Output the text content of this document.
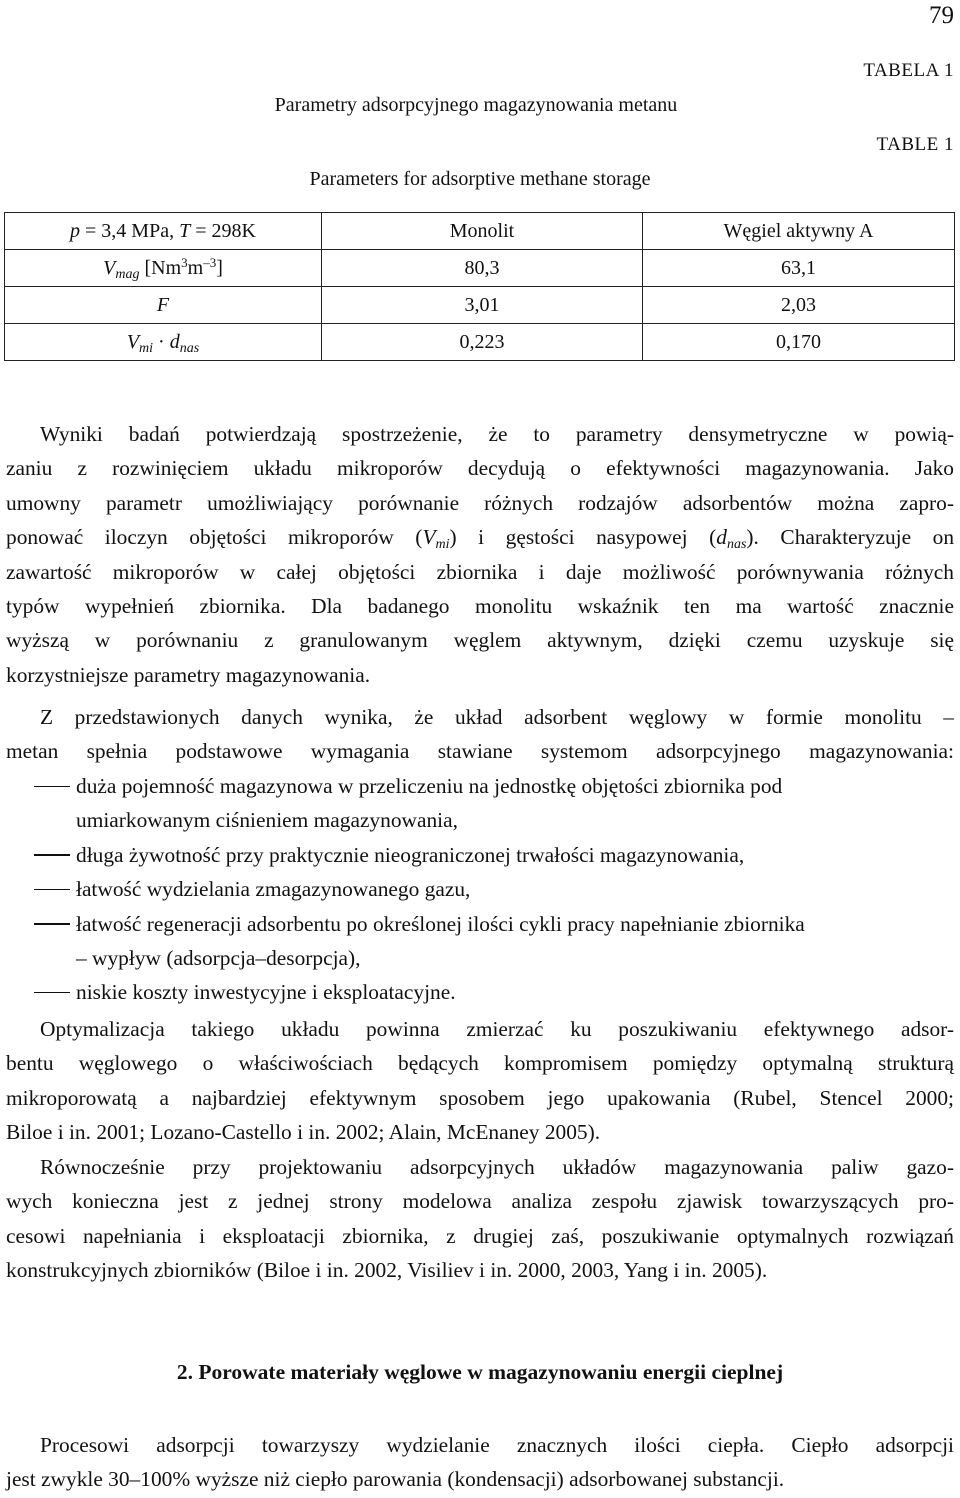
79
TABELA 1
Parametry adsorpcyjnego magazynowania metanu
TABLE 1
Parameters for adsorptive methane storage
p = 3,4 MPa, T = 298K	Monolit	Węgiel aktywny A
$V_{mag}$ $[Nm^3m^{-3}]$	80,3	63,1
F	3,01	2,03
$V_{mi} \cdot d_{nas}$	0,223	0,170
Wyniki badań potwierdzają spostrzeżenie, że to parametry densymetryczne w powią-
zaniu z rozwinięciem układu mikroporów decydują o efektywności magazynowania. Jako
umowny parametr umożliwiający porównanie różnych rodzajów adsorbentów można zapro-
ponować iloczyn objętości mikroporów $(V_{mi})$ i gęstości nasypowej $(d_{nas})$. Charakteryzuje on
zawartość mikroporów w całej objętości zbiornika i daje możliwość porównywania różnych
typów wypełnień zbiornika. Dla badanego monolitu wskaźnik ten ma wartość znacznie
wyższą w porównaniu z granulowanym węglem aktywnym, dzięki czemu uzyskuje się
korzystniejsze parametry magazynowania.
Z przedstawionych danych wynika, że układ adsorbent węglowy w formie monolitu –
metan spełnia podstawowe wymagania stawiane systemom adsorpcyjnego magazynowania:
duża pojemność magazynowa w przeliczeniu na jednostkę objętości zbiornika pod
umiarkowanym ciśnieniem magazynowania,
długa żywotność przy praktycznie nieograniczonej trwałości magazynowania,
łatwość wydzielania zmagazynowanego gazu,
łatwość regeneracji adsorbentu po określonej ilości cykli pracy napełnianie zbiornika
– wypływ (adsorpcja–desorpcja),
niskie koszty inwestycyjne i eksploatacyjne.
Optymalizacja takiego układu powinna zmierzać ku poszukiwaniu efektywnego adsor-
bentu węglowego o właściwościach będących kompromisem pomiędzy optymalną strukturą
mikroporowatą a najbardziej efektywnym sposobem jego upakowania (Rubel, Stencel 2000;
Biloe i in. 2001; Lozano-Castello i in. 2002; Alain, McEnaney 2005).
Równocześnie przy projektowaniu adsorpcyjnych układów magazynowania paliw gazo-
wych konieczna jest z jednej strony modelowa analiza zespołu zjawisk towarzyszących pro-
cesowi napełniania i eksploatacji zbiornika, z drugiej zaś, poszukiwanie optymalnych rozwiązań
konstrukcyjnych zbiorników (Biloe i in. 2002, Visiliev i in. 2000, 2003, Yang i in. 2005).
2. Porowate materiały węglowe w magazynowaniu energii cieplnej
Procesowi adsorpcji towarzyszy wydzielanie znacznych ilości ciepła. Ciepło adsorpcji
jest zwykle 30–100% wyższe niż ciepło parowania (kondensacji) adsorbowanej substancji.
